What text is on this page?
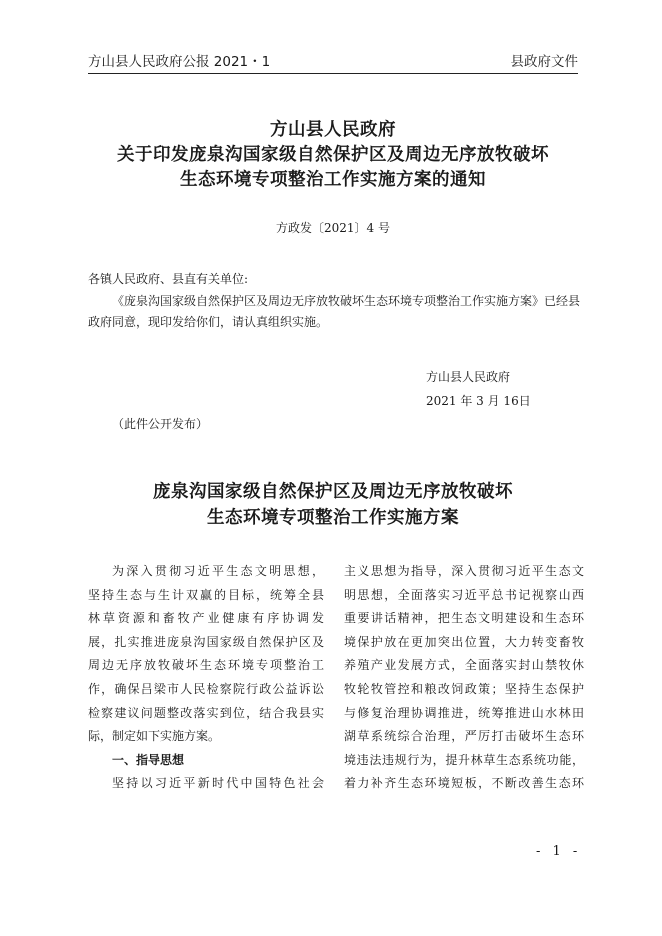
方山县人民政府公报 2021・1	县政府文件
方山县人民政府
关于印发庞泉沟国家级自然保护区及周边无序放牧破坏
生态环境专项整治工作实施方案的通知
方政发〔2021〕4 号
各镇人民政府、县直有关单位:
《庞泉沟国家级自然保护区及周边无序放牧破坏生态环境专项整治工作实施方案》已经县政府同意，现印发给你们，请认真组织实施。
方山县人民政府
2021 年 3 月 16日
（此件公开发布）
庞泉沟国家级自然保护区及周边无序放牧破坏
生态环境专项整治工作实施方案
为深入贯彻习近平生态文明思想，
坚持生态与生计双赢的目标，统筹全县
林草资源和畜牧产业健康有序协调发
展，扎实推进庞泉沟国家级自然保护区及
周边无序放牧破坏生态环境专项整治工
作，确保吕梁市人民检察院行政公益诉讼
检察建议问题整改落实到位，结合我县实
际，制定如下实施方案。
一、指导思想
坚持以习近平新时代中国特色社会
主义思想为指导，深入贯彻习近平生态文
明思想，全面落实习近平总书记视察山西
重要讲话精神，把生态文明建设和生态环
境保护放在更加突出位置，大力转变畜牧
养殖产业发展方式，全面落实封山禁牧休
牧轮牧管控和粮改饲政策；坚持生态保护
与修复治理协调推进，统筹推进山水林田
湖草系统综合治理，严厉打击破坏生态环
境违法违规行为，提升林草生态系统功能，
着力补齐生态环境短板，不断改善生态环
- 1 -
